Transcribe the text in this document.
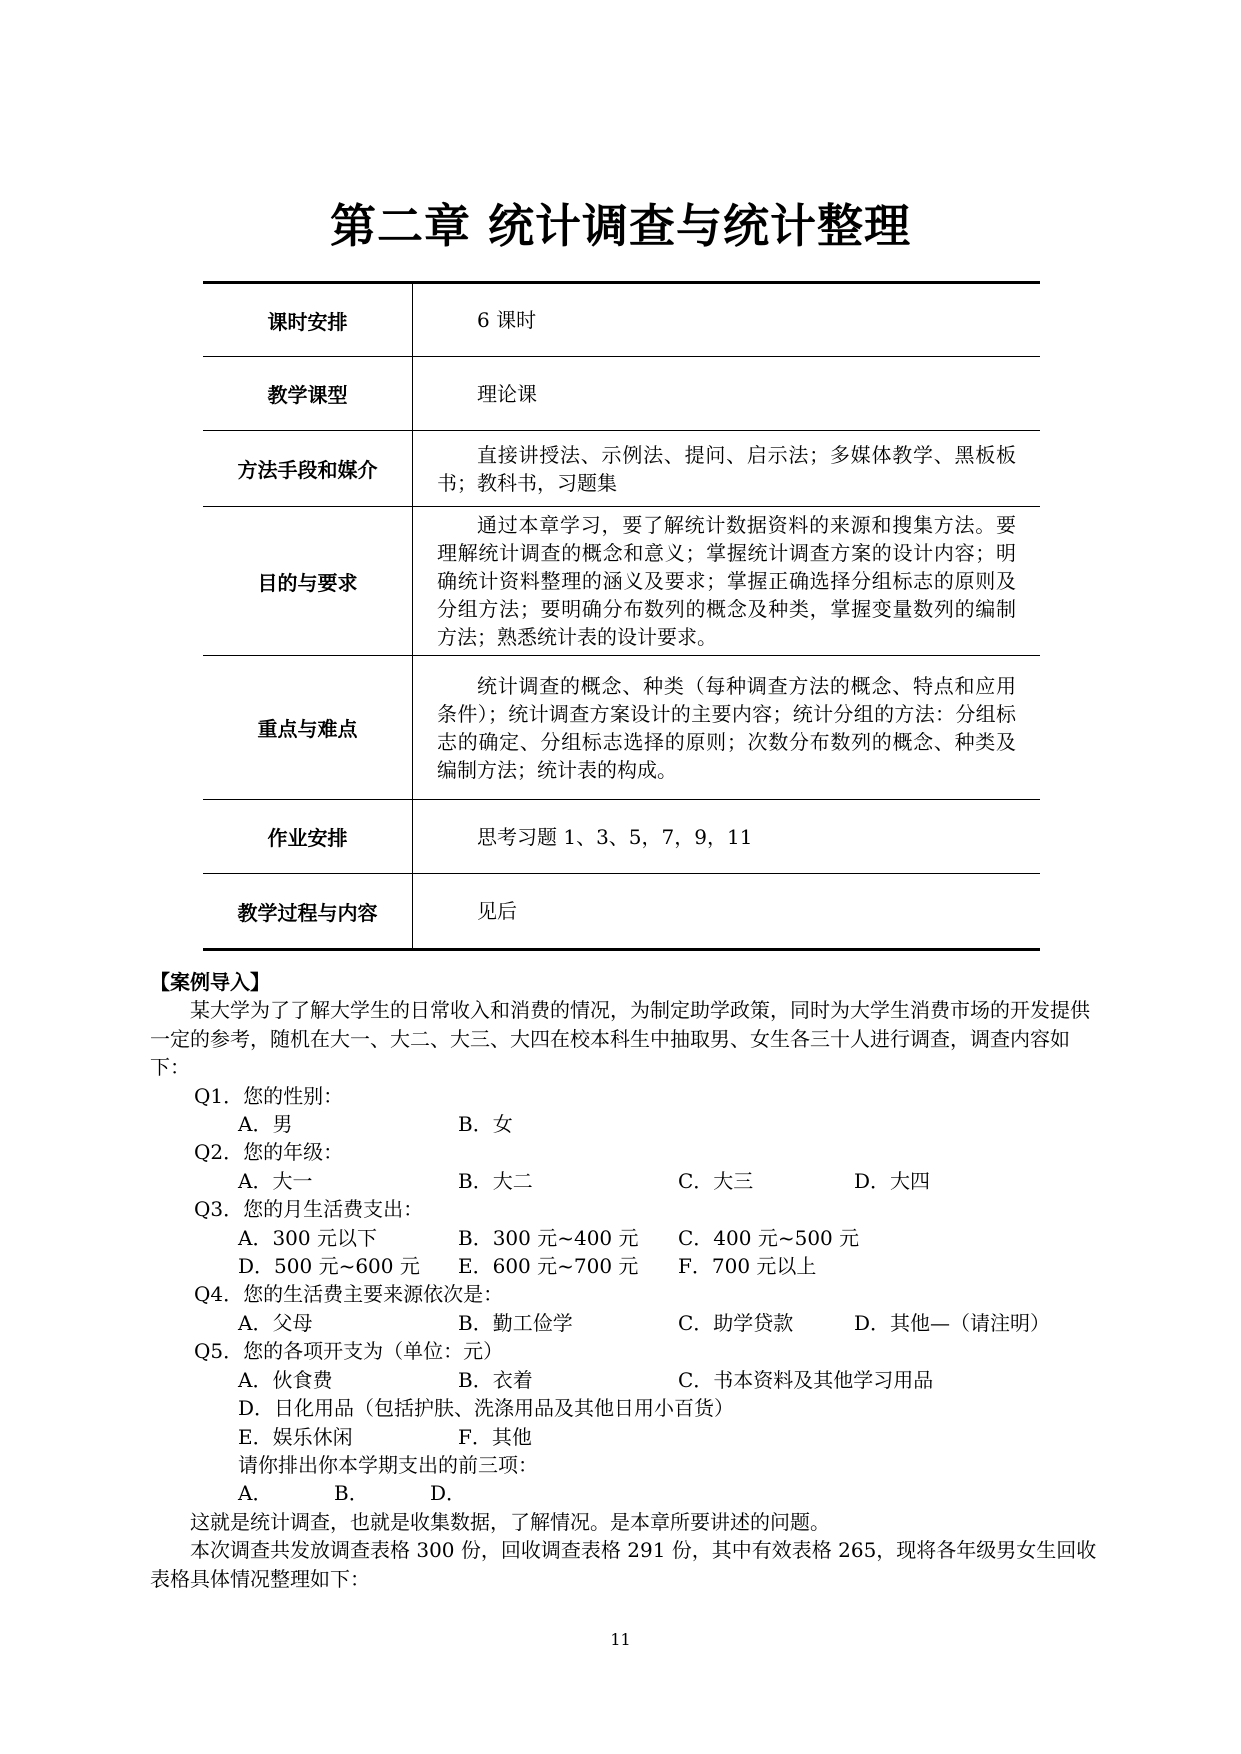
第二章 统计调查与统计整理
课时安排	6 课时

教学课型	理论课

方法手段和媒介	直接讲授法、示例法、提问、启示法；多媒体教学、黑板板书；教科书，习题集

目的与要求	通过本章学习，要了解统计数据资料的来源和搜集方法。要理解统计调查的概念和意义；掌握统计调查方案的设计内容；明确统计资料整理的涵义及要求；掌握正确选择分组标志的原则及分组方法；要明确分布数列的概念及种类，掌握变量数列的编制方法；熟悉统计表的设计要求。

重点与难点	统计调查的概念、种类（每种调查方法的概念、特点和应用条件）；统计调查方案设计的主要内容；统计分组的方法：分组标志的确定、分组标志选择的原则；次数分布数列的概念、种类及编制方法；统计表的构成。

作业安排	思考习题 1、3、5，7，9，11

教学过程与内容	见后

【案例导入】

某大学为了了解大学生的日常收入和消费的情况，为制定助学政策，同时为大学生消费市场的开发提供一定的参考，随机在大一、大二、大三、大四在校本科生中抽取男、女生各三十人进行调查，调查内容如下：

Q1．您的性别：

A．男	B．女

Q2．您的年级：

A．大一	B．大二	C．大三	D．大四

Q3．您的月生活费支出：

A．300 元以下	B．300 元~400 元 C．400 元~500 元

D．500 元~600 元 E．600 元~700 元 F．700 元以上

Q4．您的生活费主要来源依次是：

A．父母	B．勤工俭学	C．助学贷款	D．其他—（请注明）

Q5．您的各项开支为（单位：元）

A．伙食费	B．衣着	C．书本资料及其他学习用品

D．日化用品（包括护肤、洗涤用品及其他日用小百货）

E．娱乐休闲	F．其他

请你排出你本学期支出的前三项：

A．	B．	D．

这就是统计调查，也就是收集数据，了解情况。是本章所要讲述的问题。

本次调查共发放调查表格 300 份，回收调查表格 291 份，其中有效表格 265，现将各年级男女生回收表格具体情况整理如下：

11
